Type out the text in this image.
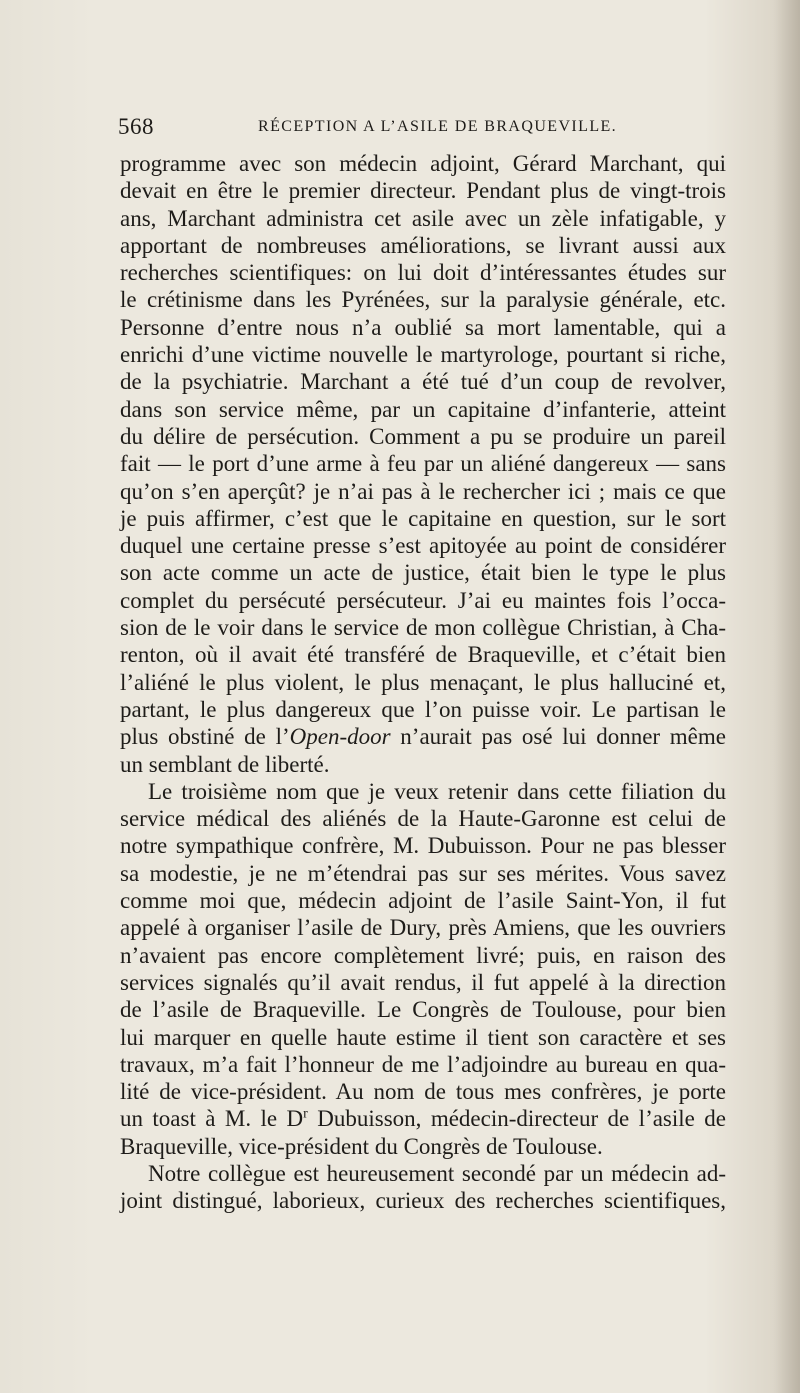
568	RÉCEPTION A L’ASILE DE BRAQUEVILLE.
programme avec son médecin adjoint, Gérard Marchant, qui
devait en être le premier directeur. Pendant plus de vingt-trois
ans, Marchant administra cet asile avec un zèle infatigable, y
apportant de nombreuses améliorations, se livrant aussi aux
recherches scientifiques: on lui doit d’intéressantes études sur
le crétinisme dans les Pyrénées, sur la paralysie générale, etc.
Personne d’entre nous n’a oublié sa mort lamentable, qui a
enrichi d’une victime nouvelle le martyrologe, pourtant si riche,
de la psychiatrie. Marchant a été tué d’un coup de revolver,
dans son service même, par un capitaine d’infanterie, atteint
du délire de persécution. Comment a pu se produire un pareil
fait — le port d’une arme à feu par un aliéné dangereux — sans
qu’on s’en aperçût? je n’ai pas à le rechercher ici ; mais ce que
je puis affirmer, c’est que le capitaine en question, sur le sort
duquel une certaine presse s’est apitoyée au point de considérer
son acte comme un acte de justice, était bien le type le plus
complet du persécuté persécuteur. J’ai eu maintes fois l’occa-
sion de le voir dans le service de mon collègue Christian, à Cha-
renton, où il avait été transféré de Braqueville, et c’était bien
l’aliéné le plus violent, le plus menaçant, le plus halluciné et,
partant, le plus dangereux que l’on puisse voir. Le partisan le
plus obstiné de l’Open-door n’aurait pas osé lui donner même
un semblant de liberté.
Le troisième nom que je veux retenir dans cette filiation du
service médical des aliénés de la Haute-Garonne est celui de
notre sympathique confrère, M. Dubuisson. Pour ne pas blesser
sa modestie, je ne m’étendrai pas sur ses mérites. Vous savez
comme moi que, médecin adjoint de l’asile Saint-Yon, il fut
appelé à organiser l’asile de Dury, près Amiens, que les ouvriers
n’avaient pas encore complètement livré; puis, en raison des
services signalés qu’il avait rendus, il fut appelé à la direction
de l’asile de Braqueville. Le Congrès de Toulouse, pour bien
lui marquer en quelle haute estime il tient son caractère et ses
travaux, m’a fait l’honneur de me l’adjoindre au bureau en qua-
lité de vice-président. Au nom de tous mes confrères, je porte
un toast à M. le $D^r$ Dubuisson, médecin-directeur de l’asile de
Braqueville, vice-président du Congrès de Toulouse.
Notre collègue est heureusement secondé par un médecin ad-
joint distingué, laborieux, curieux des recherches scientifiques,
